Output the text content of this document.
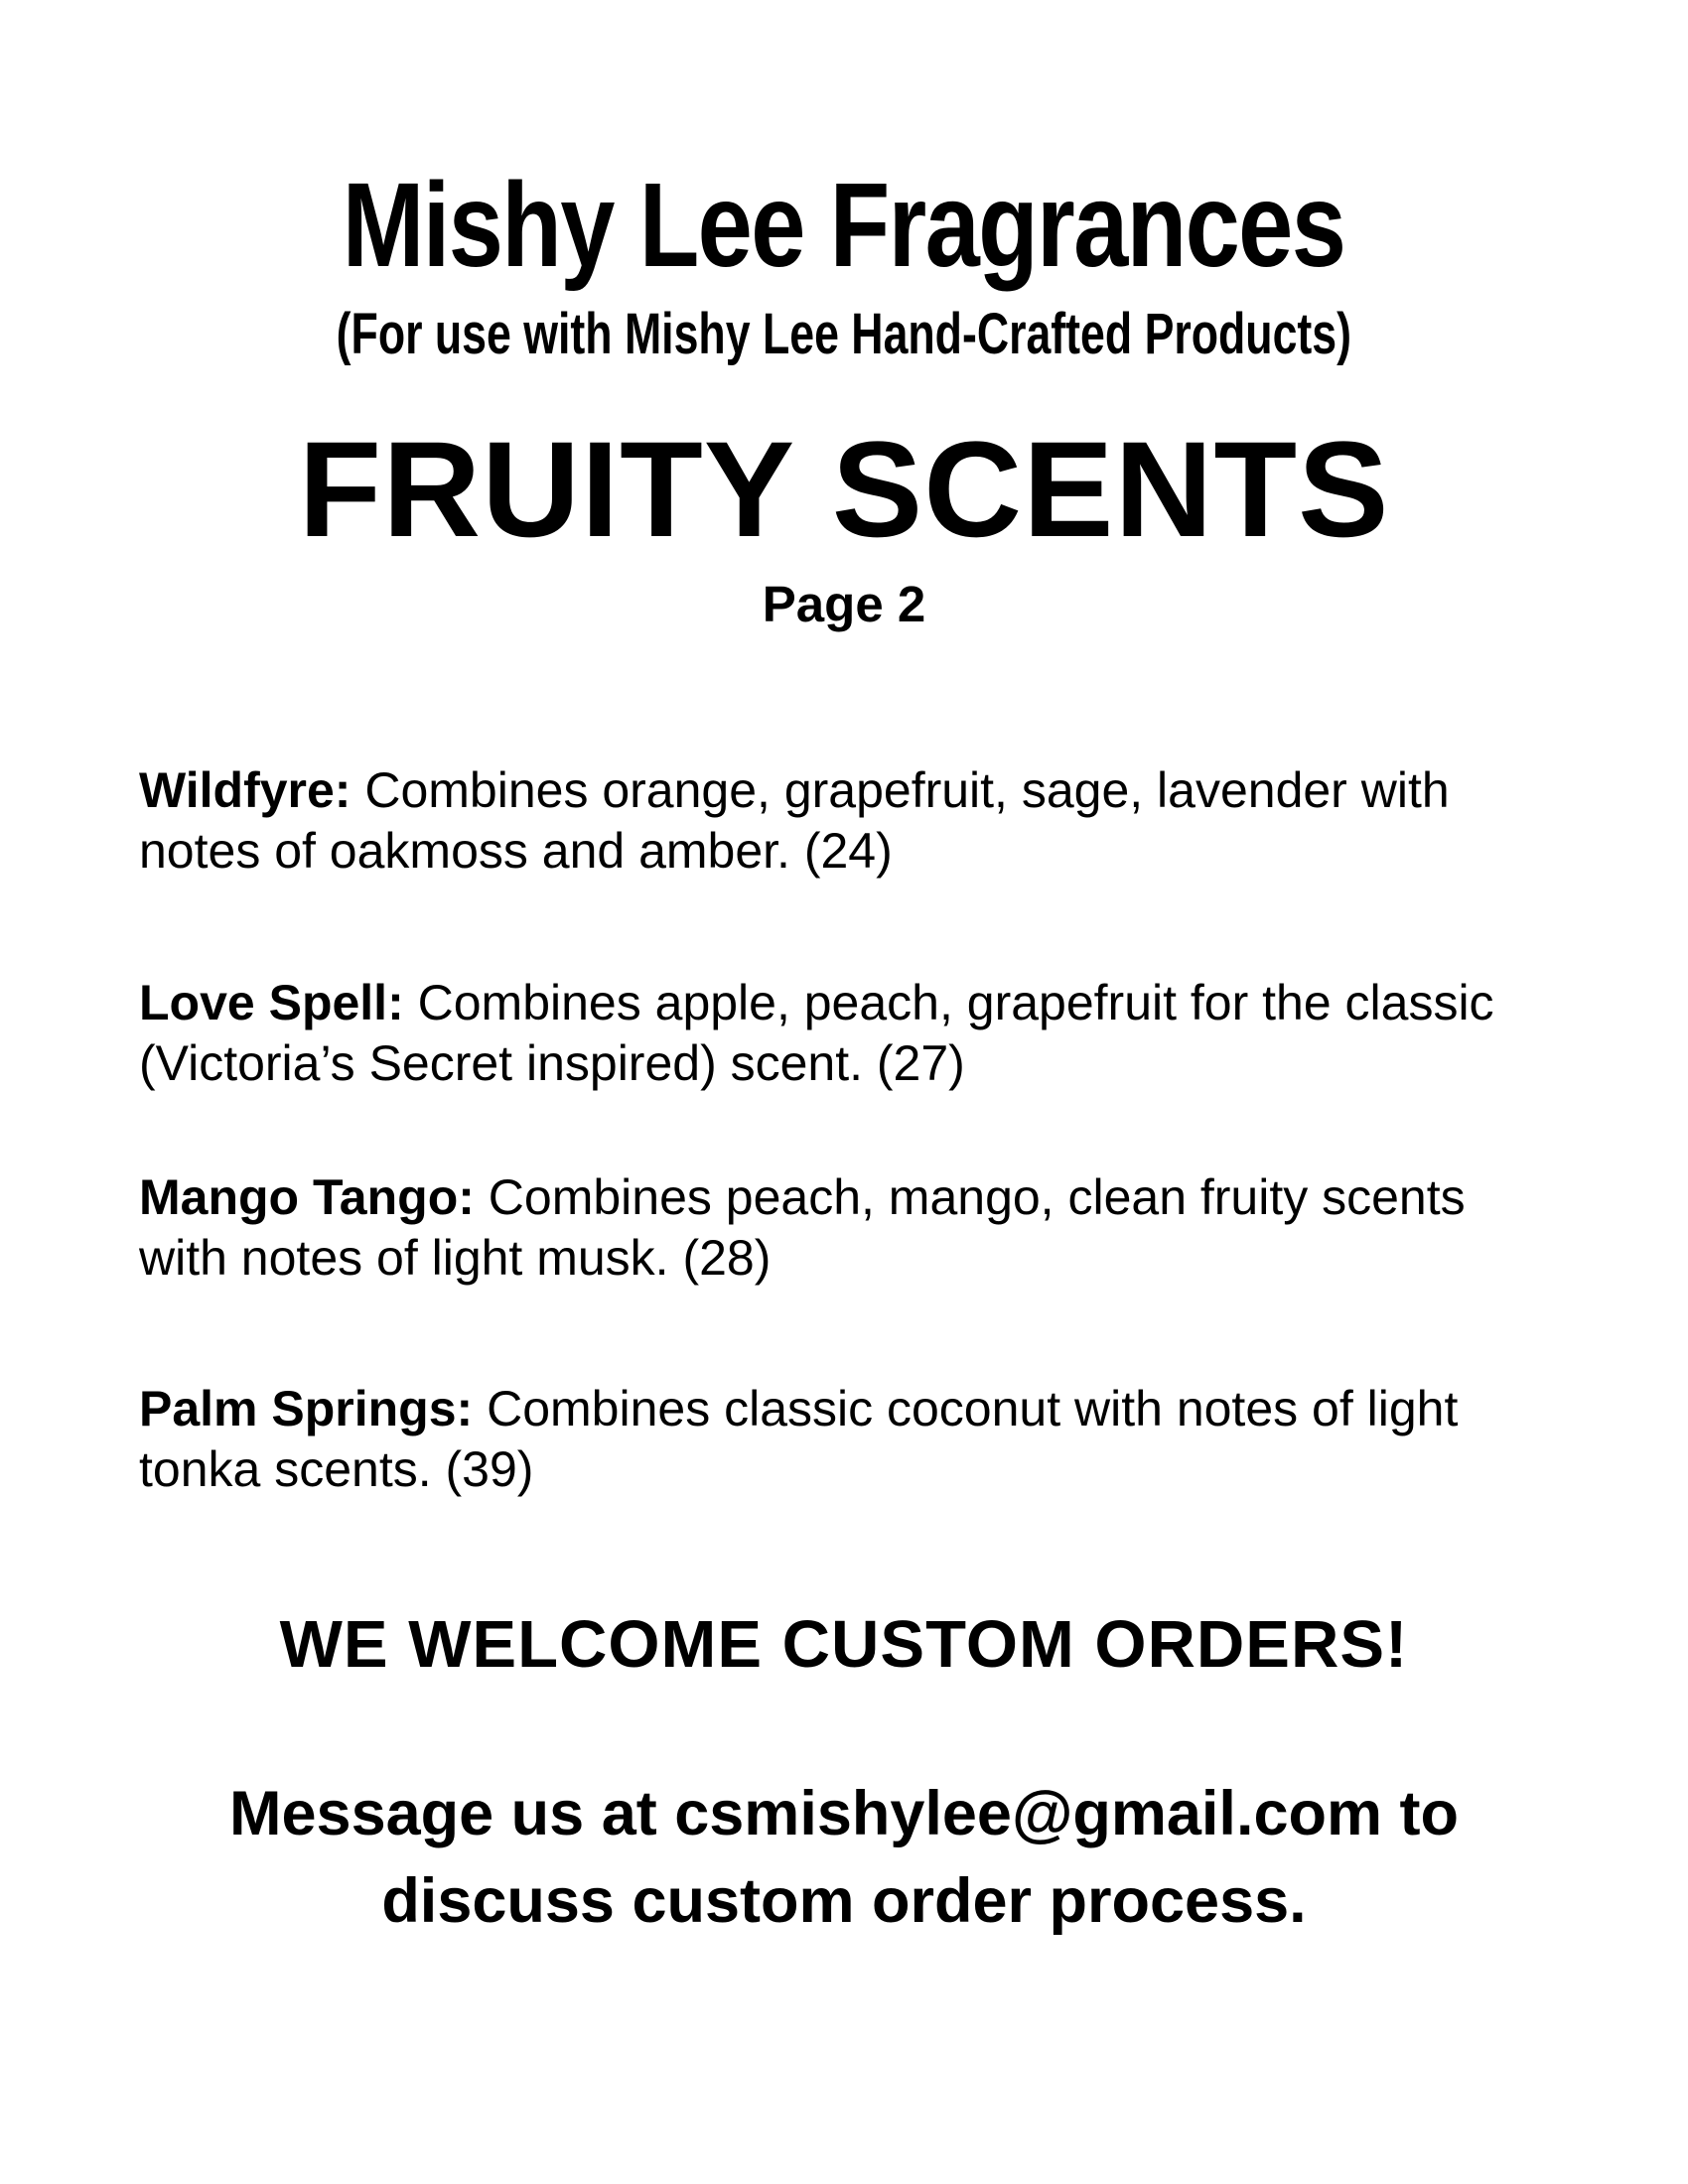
Mishy Lee Fragrances
(For use with Mishy Lee Hand-Crafted Products)
FRUITY SCENTS
Page 2

Wildfyre: Combines orange, grapefruit, sage, lavender with notes of oakmoss and amber. (24)

Love Spell: Combines apple, peach, grapefruit for the classic (Victoria’s Secret inspired) scent. (27)

Mango Tango: Combines peach, mango, clean fruity scents with notes of light musk. (28)

Palm Springs: Combines classic coconut with notes of light tonka scents. (39)

WE WELCOME CUSTOM ORDERS!
Message us at csmishylee@gmail.com to discuss custom order process.
